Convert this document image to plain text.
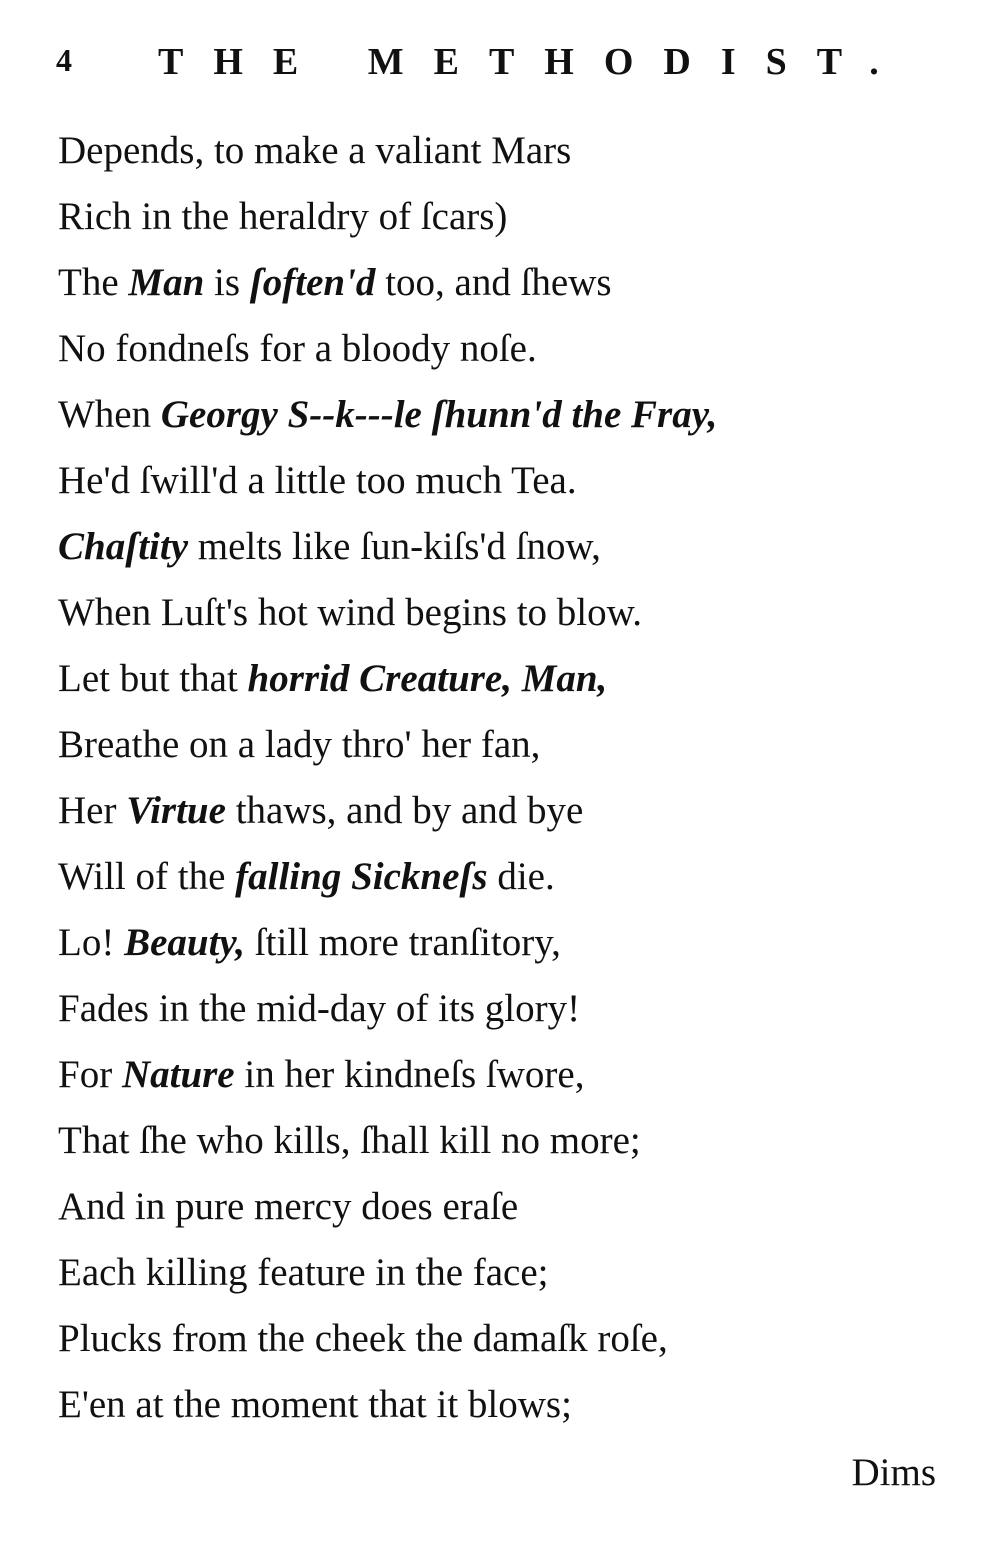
4 THE METHODIST.
Depends, to make a valiant Mars
Rich in the heraldry of ſcars)
The Man is ſoften'd too, and ſhews
No fondneſs for a bloody noſe.
When Georgy S--k---le ſhunn'd the Fray,
He'd ſwill'd a little too much Tea.
Chaſtity melts like ſun-kiſs'd ſnow,
When Luſt's hot wind begins to blow.
Let but that horrid Creature, Man,
Breathe on a lady thro' her fan,
Her Virtue thaws, and by and bye
Will of the falling Sickneſs die.
Lo! Beauty, ſtill more tranſitory,
Fades in the mid-day of its glory!
For Nature in her kindneſs ſwore,
That ſhe who kills, ſhall kill no more;
And in pure mercy does eraſe
Each killing feature in the face;
Plucks from the cheek the damaſk roſe,
E'en at the moment that it blows;
Dims
